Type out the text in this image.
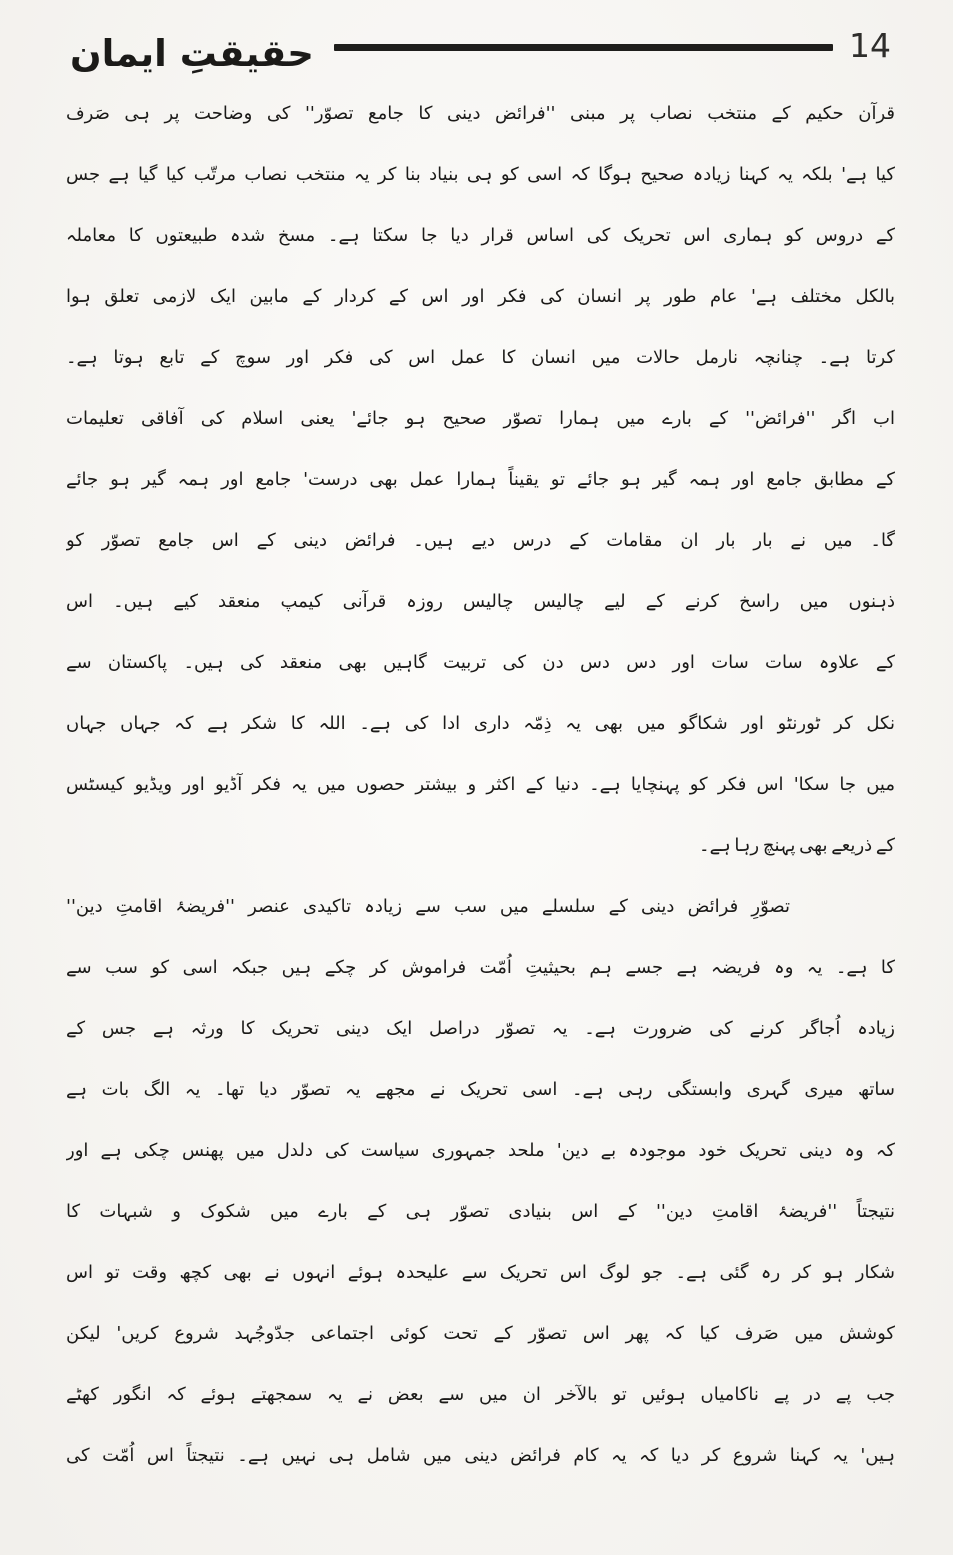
حقیقتِ ایمان	14

قرآن حکیم کے منتخب نصاب پر مبنی ''فرائض دینی کا جامع تصوّر'' کی وضاحت پر ہی صَرف

کیا ہے' بلکہ یہ کہنا زیادہ صحیح ہوگا کہ اسی کو ہی بنیاد بنا کر یہ منتخب نصاب مرتّب کیا گیا ہے جس

کے دروس کو ہماری اس تحریک کی اساس قرار دیا جا سکتا ہے۔ مسخ شدہ طبیعتوں کا معاملہ

بالکل مختلف ہے' عام طور پر انسان کی فکر اور اس کے کردار کے مابین ایک لازمی تعلق ہوا

کرتا ہے۔ چنانچہ نارمل حالات میں انسان کا عمل اس کی فکر اور سوچ کے تابع ہوتا ہے۔

اب اگر ''فرائض'' کے بارے میں ہمارا تصوّر صحیح ہو جائے' یعنی اسلام کی آفاقی تعلیمات

کے مطابق جامع اور ہمہ گیر ہو جائے تو یقیناً ہمارا عمل بھی درست' جامع اور ہمہ گیر ہو جائے

گا۔ میں نے بار بار ان مقامات کے درس دیے ہیں۔ فرائض دینی کے اس جامع تصوّر کو

ذہنوں میں راسخ کرنے کے لیے چالیس چالیس روزہ قرآنی کیمپ منعقد کیے ہیں۔ اس

کے علاوہ سات سات اور دس دس دن کی تربیت گاہیں بھی منعقد کی ہیں۔ پاکستان سے

نکل کر ٹورنٹو اور شکاگو میں بھی یہ ذِمّہ داری ادا کی ہے۔ اللہ کا شکر ہے کہ جہاں جہاں

میں جا سکا' اس فکر کو پہنچایا ہے۔ دنیا کے اکثر و بیشتر حصوں میں یہ فکر آڈیو اور ویڈیو کیسٹس

کے ذریعے بھی پہنچ رہا ہے۔

تصوّرِ فرائض دینی کے سلسلے میں سب سے زیادہ تاکیدی عنصر ''فریضۂ اقامتِ دین''

کا ہے۔ یہ وہ فریضہ ہے جسے ہم بحیثیتِ اُمّت فراموش کر چکے ہیں جبکہ اسی کو سب سے

زیادہ اُجاگر کرنے کی ضرورت ہے۔ یہ تصوّر دراصل ایک دینی تحریک کا ورثہ ہے جس کے

ساتھ میری گہری وابستگی رہی ہے۔ اسی تحریک نے مجھے یہ تصوّر دیا تھا۔ یہ الگ بات ہے

کہ وہ دینی تحریک خود موجودہ بے دین' ملحد جمہوری سیاست کی دلدل میں پھنس چکی ہے اور

نتیجتاً ''فریضۂ اقامتِ دین'' کے اس بنیادی تصوّر ہی کے بارے میں شکوک و شبہات کا

شکار ہو کر رہ گئی ہے۔ جو لوگ اس تحریک سے علیحدہ ہوئے انہوں نے بھی کچھ وقت تو اس

کوشش میں صَرف کیا کہ پھر اس تصوّر کے تحت کوئی اجتماعی جدّوجُہد شروع کریں' لیکن

جب پے در پے ناکامیاں ہوئیں تو بالآخر ان میں سے بعض نے یہ سمجھتے ہوئے کہ انگور کھٹے

ہیں' یہ کہنا شروع کر دیا کہ یہ کام فرائض دینی میں شامل ہی نہیں ہے۔ نتیجتاً اس اُمّت کی
